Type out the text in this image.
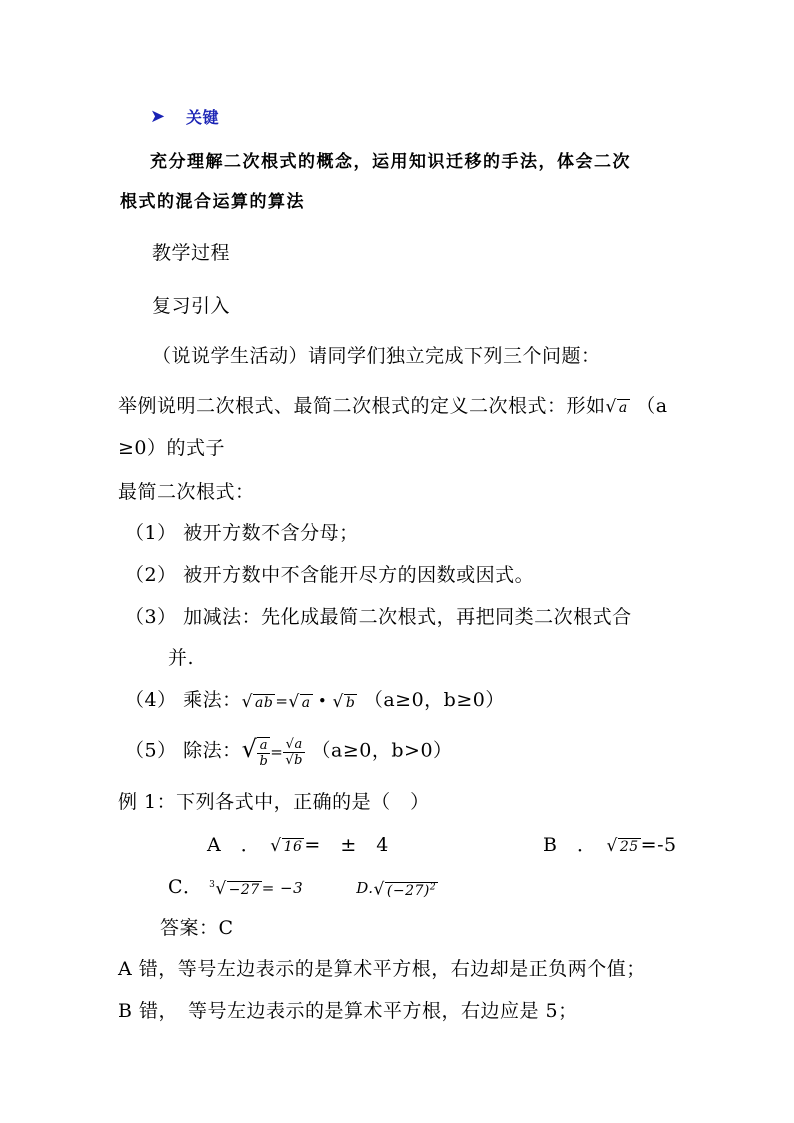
➤ 关键
充分理解二次根式的概念，运用知识迁移的手法，体会二次
根式的混合运算的算法
教学过程
复习引入
（说说学生活动）请同学们独立完成下列三个问题：
举例说明二次根式、最简二次根式的定义二次根式：形如√ a （a
≥0）的式子
最简二次根式：
（1） 被开方数不含分母；
（2） 被开方数中不含能开尽方的因数或因式。
（3） 加减法：先化成最简二次根式，再把同类二次根式合
并.
（4） 乘法：√ ab =√ a • √ b （a≥0，b≥0）
（5） 除法：√ $\frac{a}{b} = \frac{√a}{√b} (a\ge 0$，b>0）
例 1：下列各式中，正确的是（　）
A　．　 √ 16 =　±　4	B　．　 √ 25 =-5
C． $^3$√ −27 = −3	D.√ $(-27)^2$
答案：C
A 错，等号左边表示的是算术平方根，右边却是正负两个值；
B 错，　等号左边表示的是算术平方根，右边应是 5；
